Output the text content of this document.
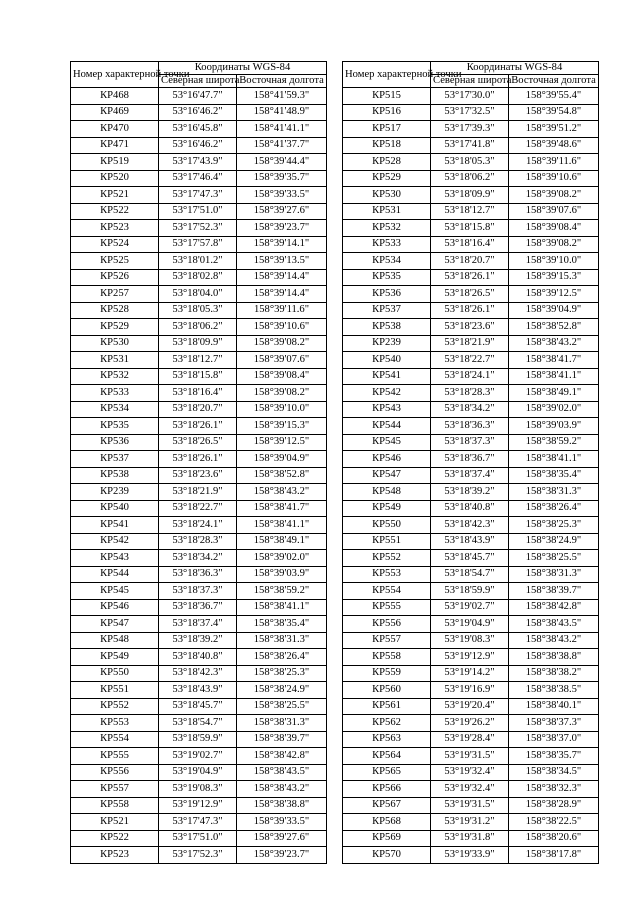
Номер характерной точки	Координаты WGS-84	
	Северная широта	Восточная долгота
КР468	53°16'47.7"	158°41'59.3"
КР469	53°16'46.2"	158°41'48.9"
КР470	53°16'45.8"	158°41'41.1"
КР471	53°16'46.2"	158°41'37.7"
КР519	53°17'43.9"	158°39'44.4"
КР520	53°17'46.4"	158°39'35.7"
КР521	53°17'47.3"	158°39'33.5"
КР522	53°17'51.0"	158°39'27.6"
КР523	53°17'52.3"	158°39'23.7"
КР524	53°17'57.8"	158°39'14.1"
КР525	53°18'01.2"	158°39'13.5"
КР526	53°18'02.8"	158°39'14.4"
КР257	53°18'04.0"	158°39'14.4"
КР528	53°18'05.3"	158°39'11.6"
КР529	53°18'06.2"	158°39'10.6"
КР530	53°18'09.9"	158°39'08.2"
КР531	53°18'12.7"	158°39'07.6"
КР532	53°18'15.8"	158°39'08.4"
КР533	53°18'16.4"	158°39'08.2"
КР534	53°18'20.7"	158°39'10.0"
КР535	53°18'26.1"	158°39'15.3"
КР536	53°18'26.5"	158°39'12.5"
КР537	53°18'26.1"	158°39'04.9"
КР538	53°18'23.6"	158°38'52.8"
КР239	53°18'21.9"	158°38'43.2"
КР540	53°18'22.7"	158°38'41.7"
КР541	53°18'24.1"	158°38'41.1"
КР542	53°18'28.3"	158°38'49.1"
КР543	53°18'34.2"	158°39'02.0"
КР544	53°18'36.3"	158°39'03.9"
КР545	53°18'37.3"	158°38'59.2"
КР546	53°18'36.7"	158°38'41.1"
КР547	53°18'37.4"	158°38'35.4"
КР548	53°18'39.2"	158°38'31.3"
КР549	53°18'40.8"	158°38'26.4"
КР550	53°18'42.3"	158°38'25.3"
КР551	53°18'43.9"	158°38'24.9"
КР552	53°18'45.7"	158°38'25.5"
КР553	53°18'54.7"	158°38'31.3"
КР554	53°18'59.9"	158°38'39.7"
КР555	53°19'02.7"	158°38'42.8"
КР556	53°19'04.9"	158°38'43.5"
КР557	53°19'08.3"	158°38'43.2"
КР558	53°19'12.9"	158°38'38.8"
КР521	53°17'47.3"	158°39'33.5"
КР522	53°17'51.0"	158°39'27.6"
КР523	53°17'52.3"	158°39'23.7"
Номер характерной точки	Координаты WGS-84	
	Северная широта	Восточная долгота
КР515	53°17'30.0"	158°39'55.4"
КР516	53°17'32.5"	158°39'54.8"
КР517	53°17'39.3"	158°39'51.2"
КР518	53°17'41.8"	158°39'48.6"
КР528	53°18'05.3"	158°39'11.6"
КР529	53°18'06.2"	158°39'10.6"
КР530	53°18'09.9"	158°39'08.2"
КР531	53°18'12.7"	158°39'07.6"
КР532	53°18'15.8"	158°39'08.4"
КР533	53°18'16.4"	158°39'08.2"
КР534	53°18'20.7"	158°39'10.0"
КР535	53°18'26.1"	158°39'15.3"
КР536	53°18'26.5"	158°39'12.5"
КР537	53°18'26.1"	158°39'04.9"
КР538	53°18'23.6"	158°38'52.8"
КР239	53°18'21.9"	158°38'43.2"
КР540	53°18'22.7"	158°38'41.7"
КР541	53°18'24.1"	158°38'41.1"
КР542	53°18'28.3"	158°38'49.1"
КР543	53°18'34.2"	158°39'02.0"
КР544	53°18'36.3"	158°39'03.9"
КР545	53°18'37.3"	158°38'59.2"
КР546	53°18'36.7"	158°38'41.1"
КР547	53°18'37.4"	158°38'35.4"
КР548	53°18'39.2"	158°38'31.3"
КР549	53°18'40.8"	158°38'26.4"
КР550	53°18'42.3"	158°38'25.3"
КР551	53°18'43.9"	158°38'24.9"
КР552	53°18'45.7"	158°38'25.5"
КР553	53°18'54.7"	158°38'31.3"
КР554	53°18'59.9"	158°38'39.7"
КР555	53°19'02.7"	158°38'42.8"
КР556	53°19'04.9"	158°38'43.5"
КР557	53°19'08.3"	158°38'43.2"
КР558	53°19'12.9"	158°38'38.8"
КР559	53°19'14.2"	158°38'38.2"
КР560	53°19'16.9"	158°38'38.5"
КР561	53°19'20.4"	158°38'40.1"
КР562	53°19'26.2"	158°38'37.3"
КР563	53°19'28.4"	158°38'37.0"
КР564	53°19'31.5"	158°38'35.7"
КР565	53°19'32.4"	158°38'34.5"
КР566	53°19'32.4"	158°38'32.3"
КР567	53°19'31.5"	158°38'28.9"
КР568	53°19'31.2"	158°38'22.5"
КР569	53°19'31.8"	158°38'20.6"
КР570	53°19'33.9"	158°38'17.8"
